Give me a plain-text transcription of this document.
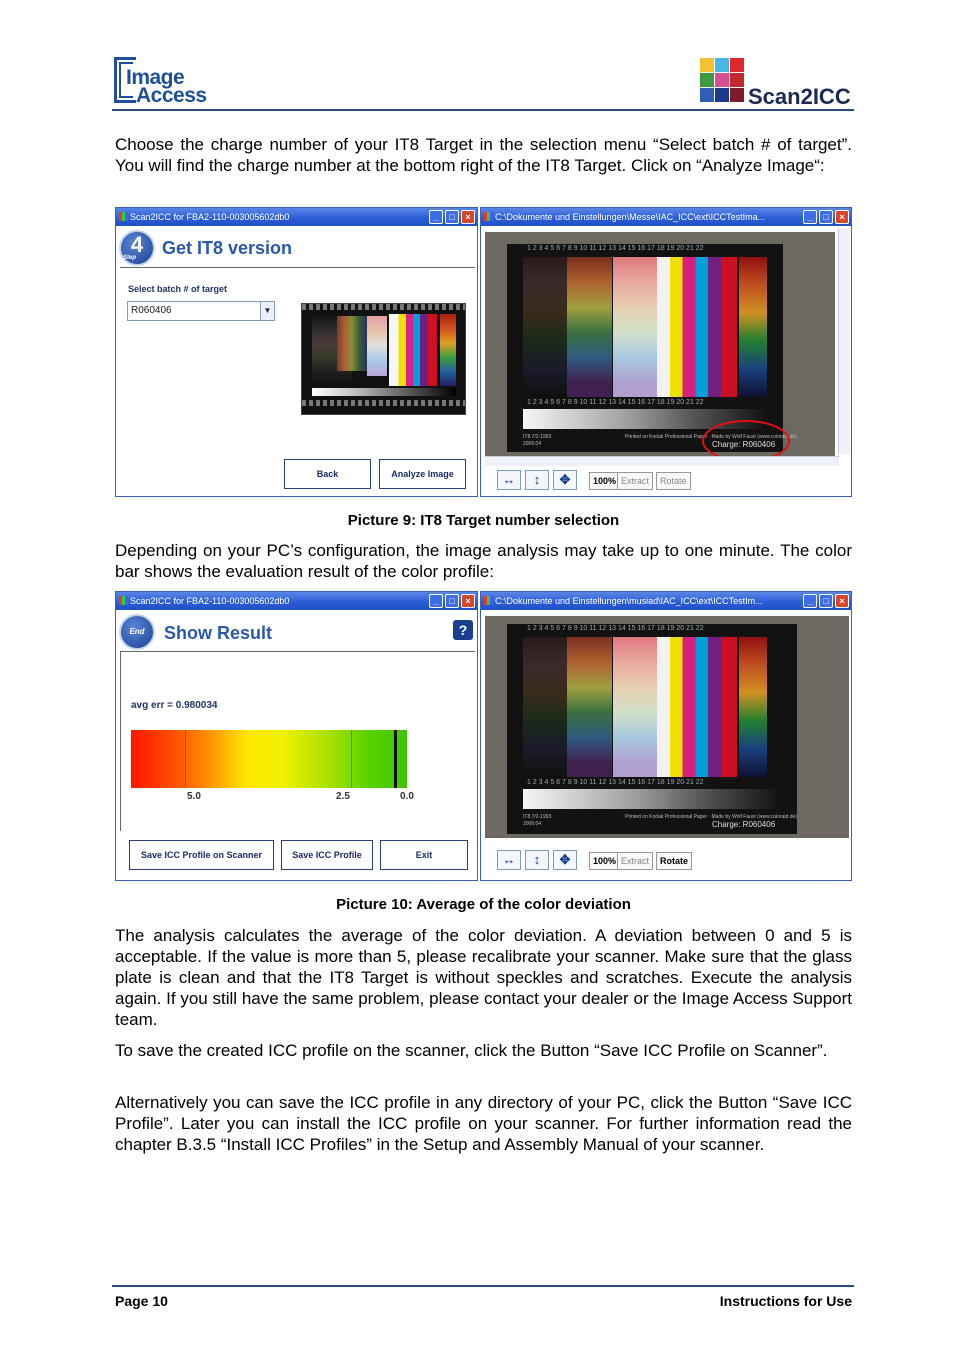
Image
Access	Scan2ICC
Choose the charge number of your IT8 Target in the selection menu “Select batch # of target”. You will find the charge number at the bottom right of the IT8 Target. Click on “Analyze Image“:
Scan2ICC for FBA2-110-003005602db0	_	□	×
4
Step Get IT8 version
Select batch # of target
R060406	▼
Back	Analyze Image
C:\Dokumente und Einstellungen\Messe\IAC_ICC\ext\ICCTestIma...	_	□	×
1 2 3 4 5 6 7 8 9 10 11 12 13 14 15 16 17 18 19 20 21 22
1 2 3 4 5 6 7 8 9 10 11 12 13 14 15 16 17 18 19 20 21 22
IT8.7/2-1993
2006:04
Printed on Kodak Professional Paper · Made by Wolf Faust (www.coloraid.de)
Charge: R060406
↔	↕	✥	100% Extract	Rotate
Picture 9: IT8 Target number selection
Depending on your PC’s configuration, the image analysis may take up to one minute. The color bar shows the evaluation result of the color profile:
Scan2ICC for FBA2-110-003005602db0	_	□	×
End	Show Result	?
avg err = 0.980034
5.0	2.5	0.0
Save ICC Profile on Scanner	Save ICC Profile	Exit
C:\Dokumente und Einstellungen\musiad\IAC_ICC\ext\ICCTestIm...	_	□	×
1 2 3 4 5 6 7 8 9 10 11 12 13 14 15 16 17 18 19 20 21 22
1 2 3 4 5 6 7 8 9 10 11 12 13 14 15 16 17 18 19 20 21 22
IT8.7/2-1993
2006:04
Printed on Kodak Professional Paper · Made by Wolf Faust (www.coloraid.de)
Charge: R060406
↔	↕	✥	100% Extract	Rotate
Picture 10: Average of the color deviation
The analysis calculates the average of the color deviation. A deviation between 0 and 5 is acceptable. If the value is more than 5, please recalibrate your scanner. Make sure that the glass plate is clean and that the IT8 Target is without speckles and scratches. Execute the analysis again. If you still have the same problem, please contact your dealer or the Image Access Support team.
To save the created ICC profile on the scanner, click the Button “Save ICC Profile on Scanner”.
Alternatively you can save the ICC profile in any directory of your PC, click the Button “Save ICC Profile”. Later you can install the ICC profile on your scanner. For further information read the chapter B.3.5 “Install ICC Profiles” in the Setup and Assembly Manual of your scanner.
Page 10	Instructions for Use
